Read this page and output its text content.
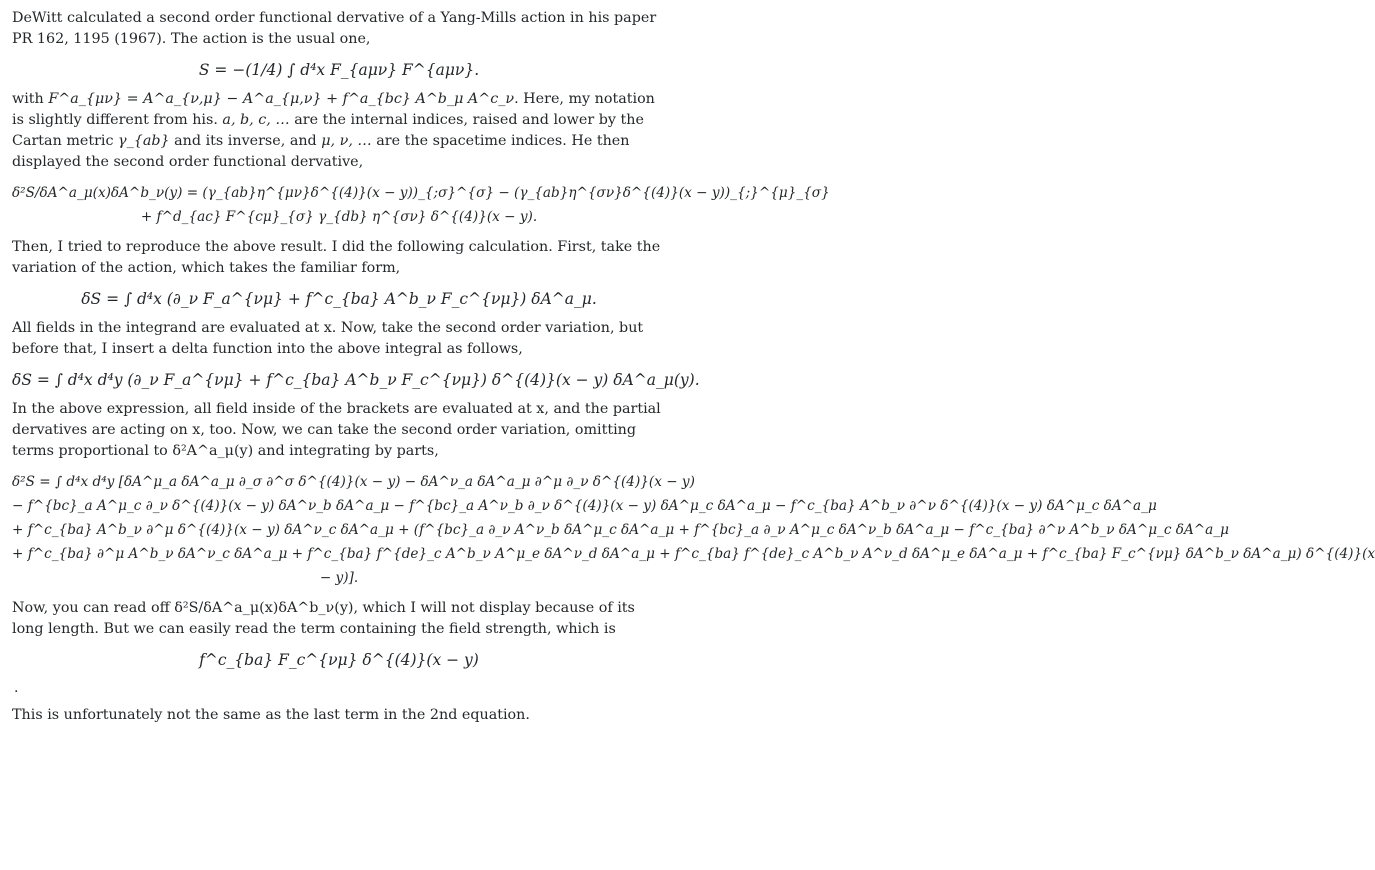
DeWitt calculated a second order functional dervative of a Yang-Mills action in his paper PR 162, 1195 (1967). The action is the usual one,

S = −(1/4) ∫ d⁴x F_{aμν} F^{aμν}.

with F^a_{μν} = A^a_{ν,μ} − A^a_{μ,ν} + f^a_{bc} A^b_μ A^c_ν. Here, my notation is slightly different from his. a, b, c, … are the internal indices, raised and lower by the Cartan metric γ_{ab} and its inverse, and μ, ν, … are the spacetime indices. He then displayed the second order functional dervative,

δ²S/δA^a_μ(x)δA^b_ν(y) = (γ_{ab}η^{μν}δ^{(4)}(x − y))_{;σ}^{σ} − (γ_{ab}η^{σν}δ^{(4)}(x − y))_{;}^{μ}_{σ}
+ f^d_{ac} F^{cμ}_{σ} γ_{db} η^{σν} δ^{(4)}(x − y).

Then, I tried to reproduce the above result. I did the following calculation. First, take the variation of the action, which takes the familiar form,

δS = ∫ d⁴x (∂_ν F_a^{νμ} + f^c_{ba} A^b_ν F_c^{νμ}) δA^a_μ.

All fields in the integrand are evaluated at x. Now, take the second order variation, but before that, I insert a delta function into the above integral as follows,

δS = ∫ d⁴x d⁴y (∂_ν F_a^{νμ} + f^c_{ba} A^b_ν F_c^{νμ}) δ^{(4)}(x − y) δA^a_μ(y).

In the above expression, all field inside of the brackets are evaluated at x, and the partial dervatives are acting on x, too. Now, we can take the second order variation, omitting terms proportional to δ²A^a_μ(y) and integrating by parts,

δ²S = ∫ d⁴x d⁴y [δA^μ_a δA^a_μ ∂_σ ∂^σ δ^{(4)}(x − y) − δA^ν_a δA^a_μ ∂^μ ∂_ν δ^{(4)}(x − y)
− f^{bc}_a A^μ_c ∂_ν δ^{(4)}(x − y) δA^ν_b δA^a_μ − f^{bc}_a A^ν_b ∂_ν δ^{(4)}(x − y) δA^μ_c δA^a_μ − f^c_{ba} A^b_ν ∂^ν δ^{(4)}(x − y) δA^μ_c δA^a_μ
+ f^c_{ba} A^b_ν ∂^μ δ^{(4)}(x − y) δA^ν_c δA^a_μ + (f^{bc}_a ∂_ν A^ν_b δA^μ_c δA^a_μ + f^{bc}_a ∂_ν A^μ_c δA^ν_b δA^a_μ − f^c_{ba} ∂^ν A^b_ν δA^μ_c δA^a_μ
+ f^c_{ba} ∂^μ A^b_ν δA^ν_c δA^a_μ + f^c_{ba} f^{de}_c A^b_ν A^μ_e δA^ν_d δA^a_μ + f^c_{ba} f^{de}_c A^b_ν A^ν_d δA^μ_e δA^a_μ + f^c_{ba} F_c^{νμ} δA^b_ν δA^a_μ) δ^{(4)}(x
− y)].

Now, you can read off δ²S/δA^a_μ(x)δA^b_ν(y), which I will not display because of its long length. But we can easily read the term containing the field strength, which is

f^c_{ba} F_c^{νμ} δ^{(4)}(x − y)
.

This is unfortunately not the same as the last term in the 2nd equation.
